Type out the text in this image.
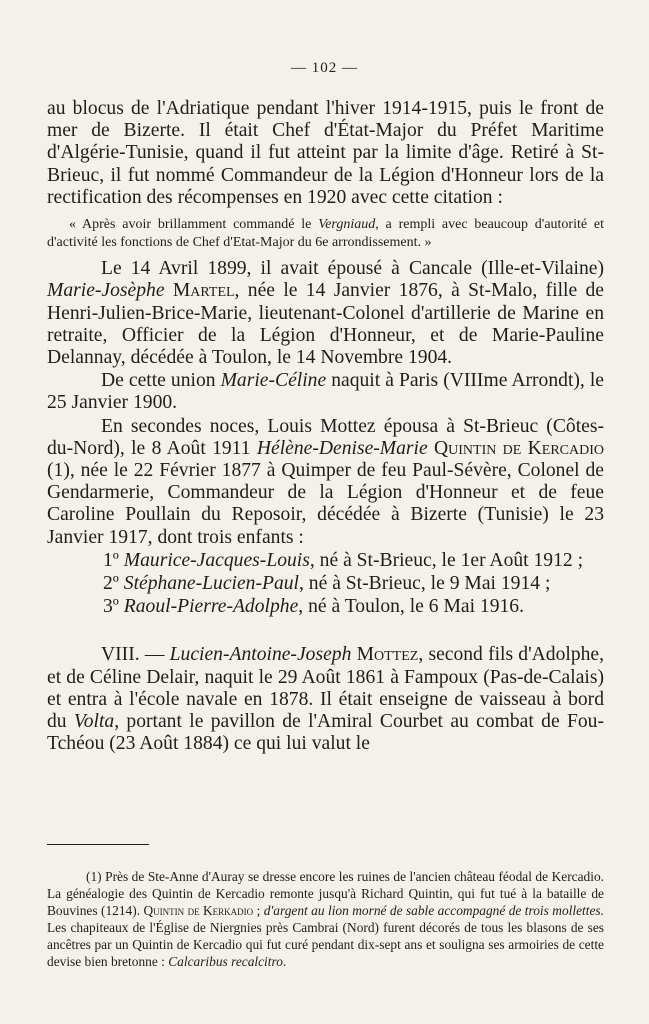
— 102 —

au blocus de l'Adriatique pendant l'hiver 1914-1915, puis le front de mer de Bizerte. Il était Chef d'État-Major du Préfet Maritime d'Algérie-Tunisie, quand il fut atteint par la limite d'âge. Retiré à St-Brieuc, il fut nommé Commandeur de la Légion d'Honneur lors de la rectification des récompenses en 1920 avec cette citation :

« Après avoir brillamment commandé le Vergniaud, a rempli avec beaucoup d'autorité et d'activité les fonctions de Chef d'Etat-Major du 6e arrondissement. »

Le 14 Avril 1899, il avait épousé à Cancale (Ille-et-Vilaine) Marie-Josèphe Martel, née le 14 Janvier 1876, à St-Malo, fille de Henri-Julien-Brice-Marie, lieutenant-Colonel d'artillerie de Marine en retraite, Officier de la Légion d'Honneur, et de Marie-Pauline Delannay, décédée à Toulon, le 14 Novembre 1904.

De cette union Marie-Céline naquit à Paris (VIIIme Arrondt), le 25 Janvier 1900.

En secondes noces, Louis Mottez épousa à St-Brieuc (Côtes-du-Nord), le 8 Août 1911 Hélène-Denise-Marie Quintin de Kercadio (1), née le 22 Février 1877 à Quimper de feu Paul-Sévère, Colonel de Gendarmerie, Commandeur de la Légion d'Honneur et de feue Caroline Poullain du Reposoir, décédée à Bizerte (Tunisie) le 23 Janvier 1917, dont trois enfants :

1º Maurice-Jacques-Louis, né à St-Brieuc, le 1er Août 1912 ;

2º Stéphane-Lucien-Paul, né à St-Brieuc, le 9 Mai 1914 ;

3º Raoul-Pierre-Adolphe, né à Toulon, le 6 Mai 1916.

VIII. — Lucien-Antoine-Joseph Mottez, second fils d'Adolphe, et de Céline Delair, naquit le 29 Août 1861 à Fampoux (Pas-de-Calais) et entra à l'école navale en 1878. Il était enseigne de vaisseau à bord du Volta, portant le pavillon de l'Amiral Courbet au combat de Fou-Tchéou (23 Août 1884) ce qui lui valut le

(1) Près de Ste-Anne d'Auray se dresse encore les ruines de l'ancien château féodal de Kercadio. La généalogie des Quintin de Kercadio remonte jusqu'à Richard Quintin, qui fut tué à la bataille de Bouvines (1214). Quintin de Kerkadio ; d'argent au lion morné de sable accompagné de trois mollettes. Les chapiteaux de l'Église de Niergnies près Cambrai (Nord) furent décorés de tous les blasons de ses ancêtres par un Quintin de Kercadio qui fut curé pendant dix-sept ans et souligna ses armoiries de cette devise bien bretonne : Calcaribus recalcitro.
